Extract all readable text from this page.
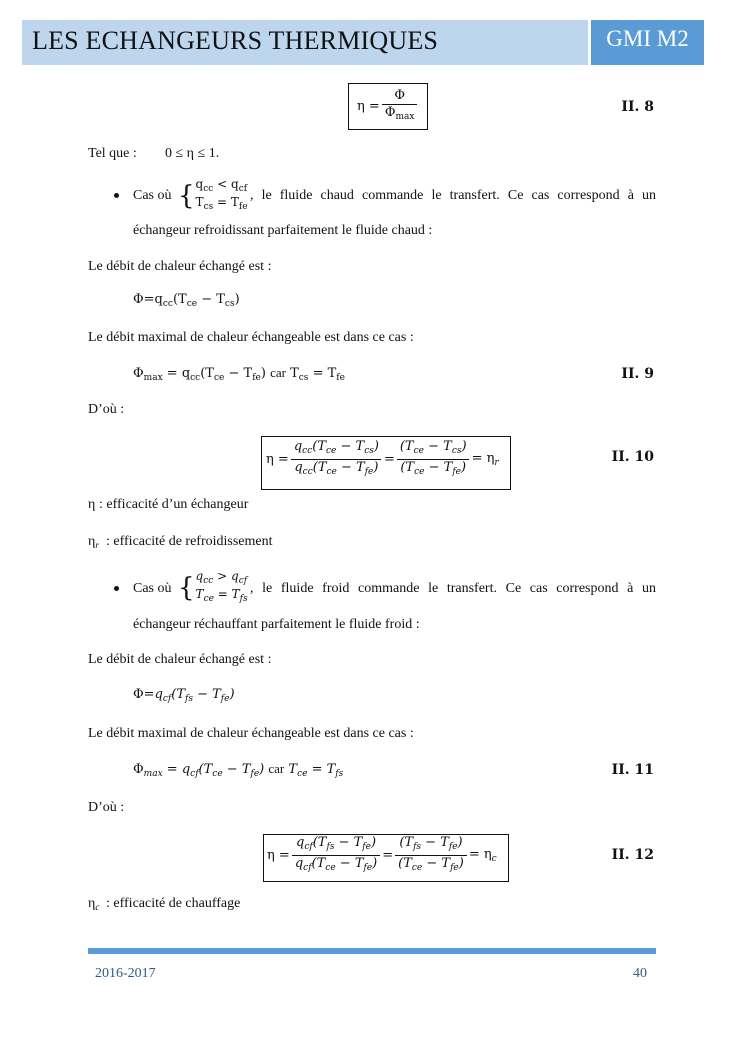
LES ECHANGEURS THERMIQUES	GMI M2
$\eta = \frac{\Phi}{\Phi_{max}}$	II. 8
Tel que : 0 ≤ η ≤ 1.
Cas où { $q_{cc} < q_{cf}$
$T_{cs} = T_{fe}$
, le fluide chaud commande le transfert. Ce cas correspond à un
échangeur refroidissant parfaitement le fluide chaud :
Le débit de chaleur échangé est :
$\Phi=q_{cc}(T_{ce} - T_{cs})$
Le débit maximal de chaleur échangeable est dans ce cas :
$\Phi_{max} = q_{cc}(T_{ce} - T_{fe})$ car $T_{cs} = T_{fe}$	II. 9
D’où :
$\eta = \frac{q_{cc}(T_{ce} - T_{cs})}{q_{cc}(T_{ce} - T_{fe})} = \frac{(T_{ce} - T_{cs})}{(T_{ce} - T_{fe})} = \eta_r$	II. 10
η : efficacité d’un échangeur
$\eta_r$ : efficacité de refroidissement
Cas où { $q_{cc} > q_{cf}$
$T_{ce} = T_{fs}$
, le fluide froid commande le transfert. Ce cas correspond à un
échangeur réchauffant parfaitement le fluide froid :
Le débit de chaleur échangé est :
$\Phi=q_{cf}(T_{fs} - T_{fe})$
Le débit maximal de chaleur échangeable est dans ce cas :
$\Phi_{max} = q_{cf}(T_{ce} - T_{fe})$ car $T_{ce} = T_{fs}$	II. 11
D’où :
$\eta = \frac{q_{cf}(T_{fs} - T_{fe})}{q_{cf}(T_{ce} - T_{fe})} = \frac{(T_{fs} - T_{fe})}{(T_{ce} - T_{fe})} = \eta_c$	II. 12
$\eta_c$ : efficacité de chauffage
2016-2017	40
